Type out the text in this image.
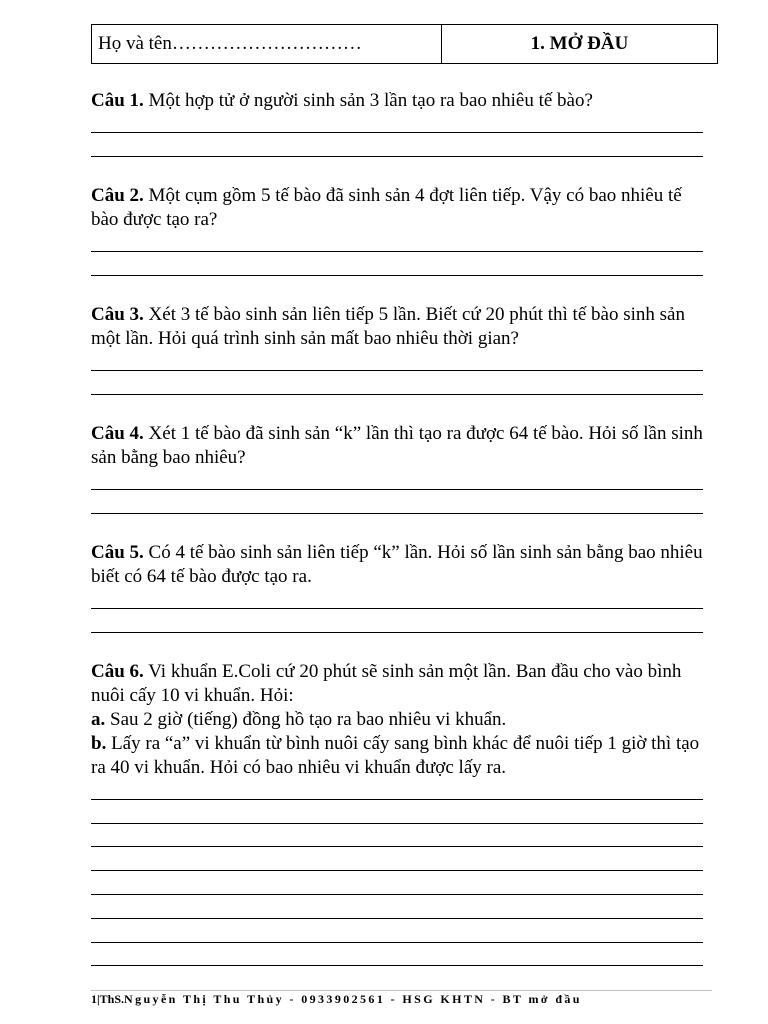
Họ và tên…………………………	1. MỞ ĐẦU
Câu 1. Một hợp tử ở người sinh sản 3 lần tạo ra bao nhiêu tế bào?
Câu 2. Một cụm gồm 5 tế bào đã sinh sản 4 đợt liên tiếp. Vậy có bao nhiêu tế bào được tạo ra?
Câu 3. Xét 3 tế bào sinh sản liên tiếp 5 lần. Biết cứ 20 phút thì tế bào sinh sản một lần. Hỏi quá trình sinh sản mất bao nhiêu thời gian?
Câu 4. Xét 1 tế bào đã sinh sản “k” lần thì tạo ra được 64 tế bào. Hỏi số lần sinh sản bằng bao nhiêu?
Câu 5. Có 4 tế bào sinh sản liên tiếp “k” lần. Hỏi số lần sinh sản bằng bao nhiêu biết có 64 tế bào được tạo ra.
Câu 6. Vi khuẩn E.Coli cứ 20 phút sẽ sinh sản một lần. Ban đầu cho vào bình nuôi cấy 10 vi khuẩn. Hỏi:
a. Sau 2 giờ (tiếng) đồng hồ tạo ra bao nhiêu vi khuẩn.
b. Lấy ra “a” vi khuẩn từ bình nuôi cấy sang bình khác để nuôi tiếp 1 giờ thì tạo ra 40 vi khuẩn. Hỏi có bao nhiêu vi khuẩn được lấy ra.
1|ThS.Nguyễn Thị Thu Thủy - 0933902561 - HSG KHTN - BT mở đầu
